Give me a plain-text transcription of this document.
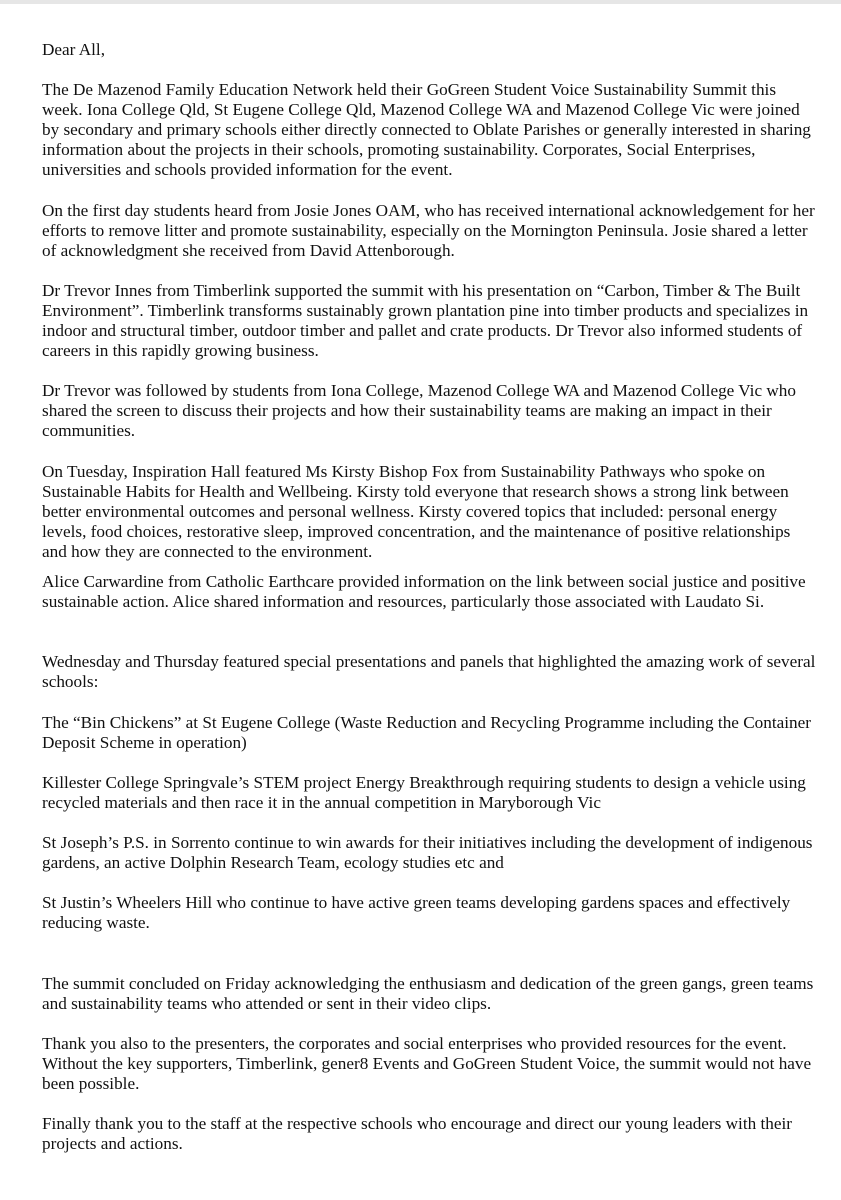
Dear All,

The De Mazenod Family Education Network held their GoGreen Student Voice Sustainability Summit this week. Iona College Qld, St Eugene College Qld, Mazenod College WA and Mazenod College Vic were joined by secondary and primary schools either directly connected to Oblate Parishes or generally interested in sharing information about the projects in their schools, promoting sustainability. Corporates, Social Enterprises, universities and schools provided information for the event.

On the first day students heard from Josie Jones OAM, who has received international acknowledgement for her efforts to remove litter and promote sustainability, especially on the Mornington Peninsula. Josie shared a letter of acknowledgment she received from David Attenborough.

Dr Trevor Innes from Timberlink supported the summit with his presentation on “Carbon, Timber & The Built Environment”. Timberlink transforms sustainably grown plantation pine into timber products and specializes in indoor and structural timber, outdoor timber and pallet and crate products. Dr Trevor also informed students of careers in this rapidly growing business.

Dr Trevor was followed by students from Iona College, Mazenod College WA and Mazenod College Vic who shared the screen to discuss their projects and how their sustainability teams are making an impact in their communities.

On Tuesday, Inspiration Hall featured Ms Kirsty Bishop Fox from Sustainability Pathways who spoke on Sustainable Habits for Health and Wellbeing. Kirsty told everyone that research shows a strong link between better environmental outcomes and personal wellness. Kirsty covered topics that included: personal energy levels, food choices, restorative sleep, improved concentration, and the maintenance of positive relationships and how they are connected to the environment.

Alice Carwardine from Catholic Earthcare provided information on the link between social justice and positive sustainable action. Alice shared information and resources, particularly those associated with Laudato Si.

Wednesday and Thursday featured special presentations and panels that highlighted the amazing work of several schools:

The “Bin Chickens” at St Eugene College (Waste Reduction and Recycling Programme including the Container Deposit Scheme in operation)

Killester College Springvale’s STEM project Energy Breakthrough requiring students to design a vehicle using recycled materials and then race it in the annual competition in Maryborough Vic

St Joseph’s P.S. in Sorrento continue to win awards for their initiatives including the development of indigenous gardens, an active Dolphin Research Team, ecology studies etc and

St Justin’s Wheelers Hill who continue to have active green teams developing gardens spaces and effectively reducing waste.

The summit concluded on Friday acknowledging the enthusiasm and dedication of the green gangs, green teams and sustainability teams who attended or sent in their video clips.

Thank you also to the presenters, the corporates and social enterprises who provided resources for the event. Without the key supporters, Timberlink, gener8 Events and GoGreen Student Voice, the summit would not have been possible.

Finally thank you to the staff at the respective schools who encourage and direct our young leaders with their projects and actions.
